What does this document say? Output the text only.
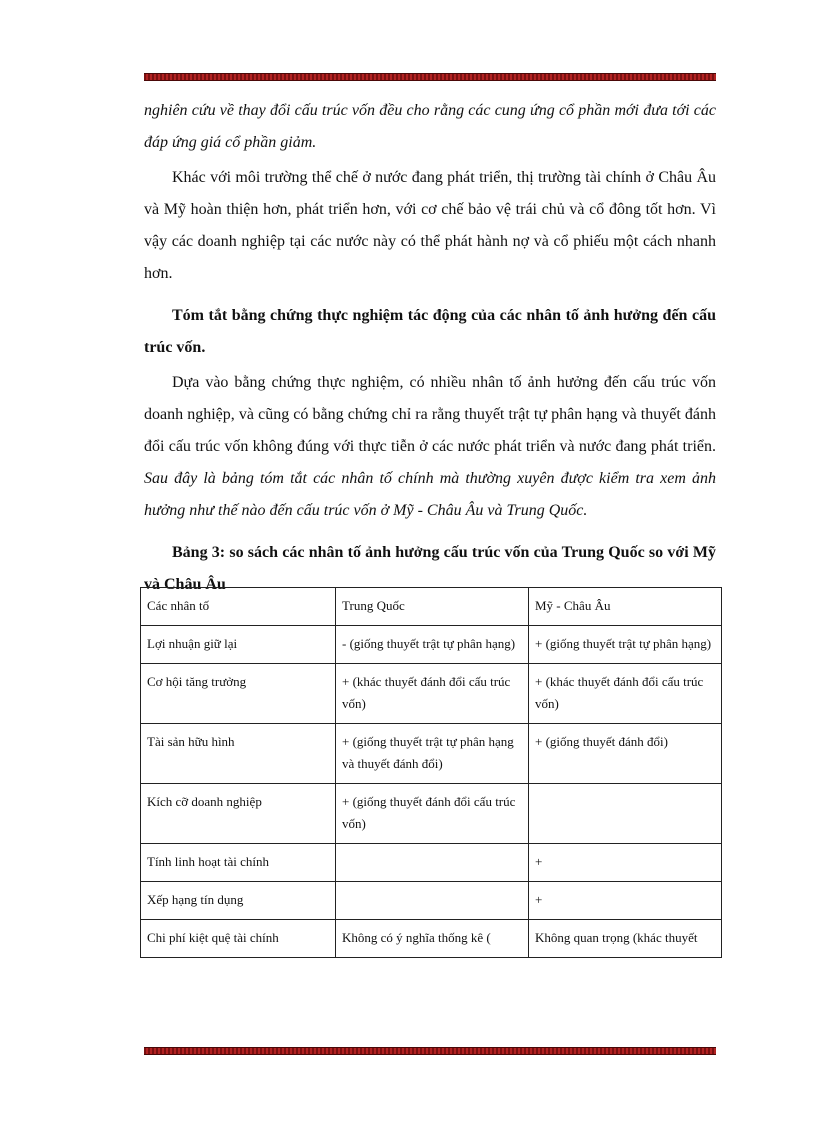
nghiên cứu về thay đổi cấu trúc vốn đều cho rằng các cung ứng cổ phần mới đưa tới các đáp ứng giá cổ phần giảm.

Khác với môi trường thể chế ở nước đang phát triển, thị trường tài chính ở Châu Âu và Mỹ hoàn thiện hơn, phát triển hơn, với cơ chế bảo vệ trái chủ và cổ đông tốt hơn. Vì vậy các doanh nghiệp tại các nước này có thể phát hành nợ và cổ phiếu một cách nhanh hơn.

Tóm tắt bằng chứng thực nghiệm tác động của các nhân tố ảnh hưởng đến cấu trúc vốn.

Dựa vào bằng chứng thực nghiệm, có nhiều nhân tố ảnh hưởng đến cấu trúc vốn doanh nghiệp, và cũng có bằng chứng chỉ ra rằng thuyết trật tự phân hạng và thuyết đánh đổi cấu trúc vốn không đúng với thực tiễn ở các nước phát triển và nước đang phát triển. Sau đây là bảng tóm tắt các nhân tố chính mà thường xuyên được kiểm tra xem ảnh hưởng như thế nào đến cấu trúc vốn ở Mỹ - Châu Âu và Trung Quốc.

Bảng 3: so sách các nhân tố ảnh hưởng cấu trúc vốn của Trung Quốc so với Mỹ và Châu Âu

Các nhân tố	Trung Quốc	Mỹ - Châu Âu
Lợi nhuận giữ lại	- (giống thuyết trật tự phân hạng)	+ (giống thuyết trật tự phân hạng)
Cơ hội tăng trưởng	+ (khác thuyết đánh đổi cấu trúc vốn)	+ (khác thuyết đánh đổi cấu trúc vốn)
Tài sản hữu hình	+ (giống thuyết trật tự phân hạng và thuyết đánh đổi)	+ (giống thuyết đánh đổi)
Kích cỡ doanh nghiệp	+ (giống thuyết đánh đổi cấu trúc vốn)	
Tính linh hoạt tài chính		+
Xếp hạng tín dụng		+
Chi phí kiệt quệ tài chính	Không có ý nghĩa thống kê (	Không quan trọng (khác thuyết
